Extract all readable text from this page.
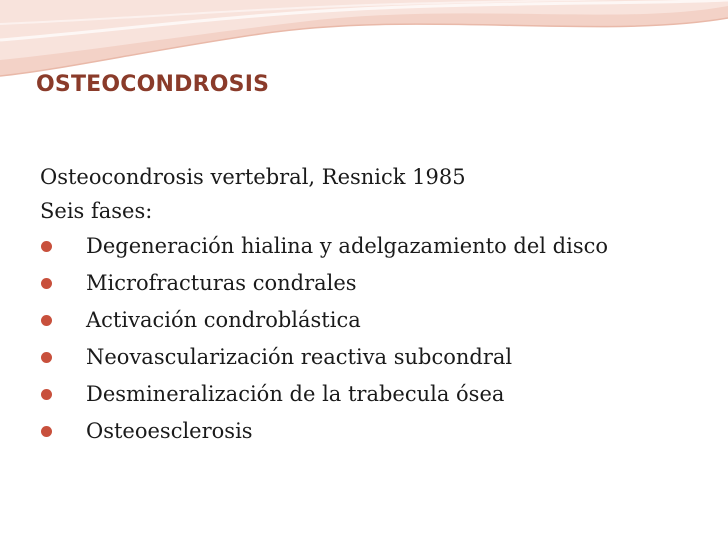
OSTEOCONDROSIS
Osteocondrosis vertebral, Resnick 1985
Seis fases:
Degeneración hialina y adelgazamiento del disco
Microfracturas condrales
Activación condroblástica
Neovascularización reactiva subcondral
Desmineralización de la trabecula ósea
Osteoesclerosis
